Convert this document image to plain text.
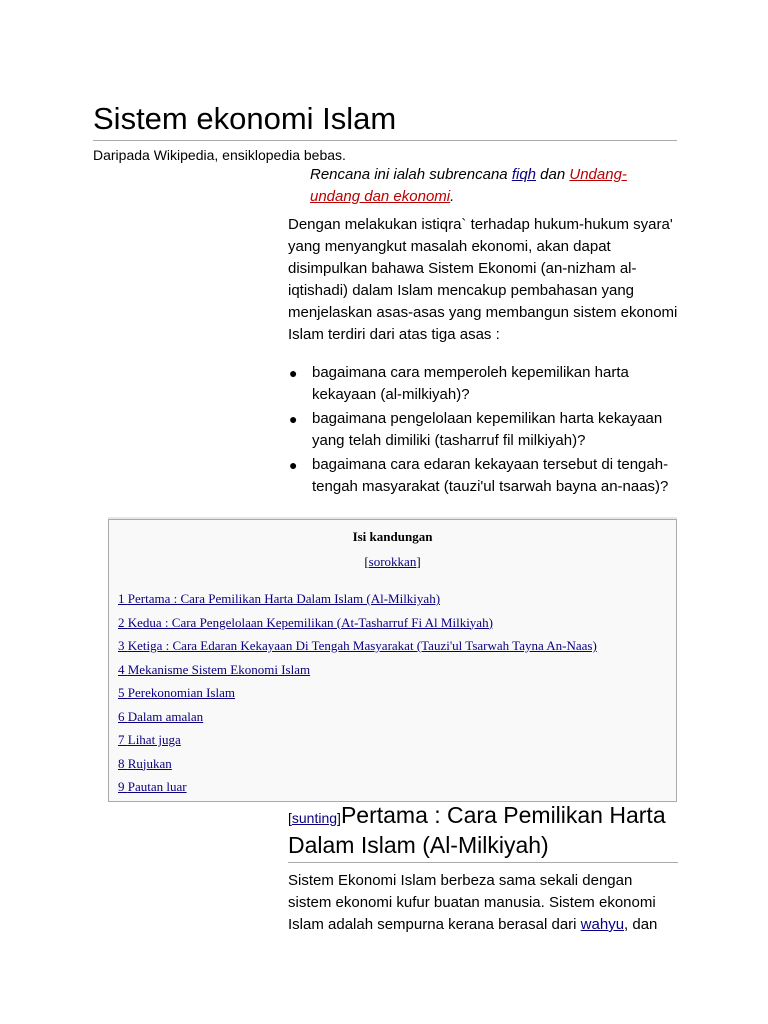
Sistem ekonomi Islam
Daripada Wikipedia, ensiklopedia bebas.
Rencana ini ialah subrencana fiqh dan Undang-undang dan ekonomi.

Dengan melakukan istiqra` terhadap hukum-hukum syara' yang menyangkut masalah ekonomi, akan dapat disimpulkan bahawa Sistem Ekonomi (an-nizham al-iqtishadi) dalam Islam mencakup pembahasan yang menjelaskan asas-asas yang membangun sistem ekonomi Islam terdiri dari atas tiga asas :

● bagaimana cara memperoleh kepemilikan harta kekayaan (al-milkiyah)?
● bagaimana pengelolaan kepemilikan harta kekayaan yang telah dimiliki (tasharruf fil milkiyah)?
● bagaimana cara edaran kekayaan tersebut di tengah-tengah masyarakat (tauzi'ul tsarwah bayna an-naas)?
Isi kandungan
[sorokkan]
1 Pertama : Cara Pemilikan Harta Dalam Islam (Al-Milkiyah)
2 Kedua : Cara Pengelolaan Kepemilikan (At-Tasharruf Fi Al Milkiyah)
3 Ketiga : Cara Edaran Kekayaan Di Tengah Masyarakat (Tauzi'ul Tsarwah Tayna An-Naas)
4 Mekanisme Sistem Ekonomi Islam
5 Perekonomian Islam
6 Dalam amalan
7 Lihat juga
8 Rujukan
9 Pautan luar
[sunting]Pertama : Cara Pemilikan Harta Dalam Islam (Al-Milkiyah)

Sistem Ekonomi Islam berbeza sama sekali dengan sistem ekonomi kufur buatan manusia. Sistem ekonomi Islam adalah sempurna kerana berasal dari wahyu, dan
